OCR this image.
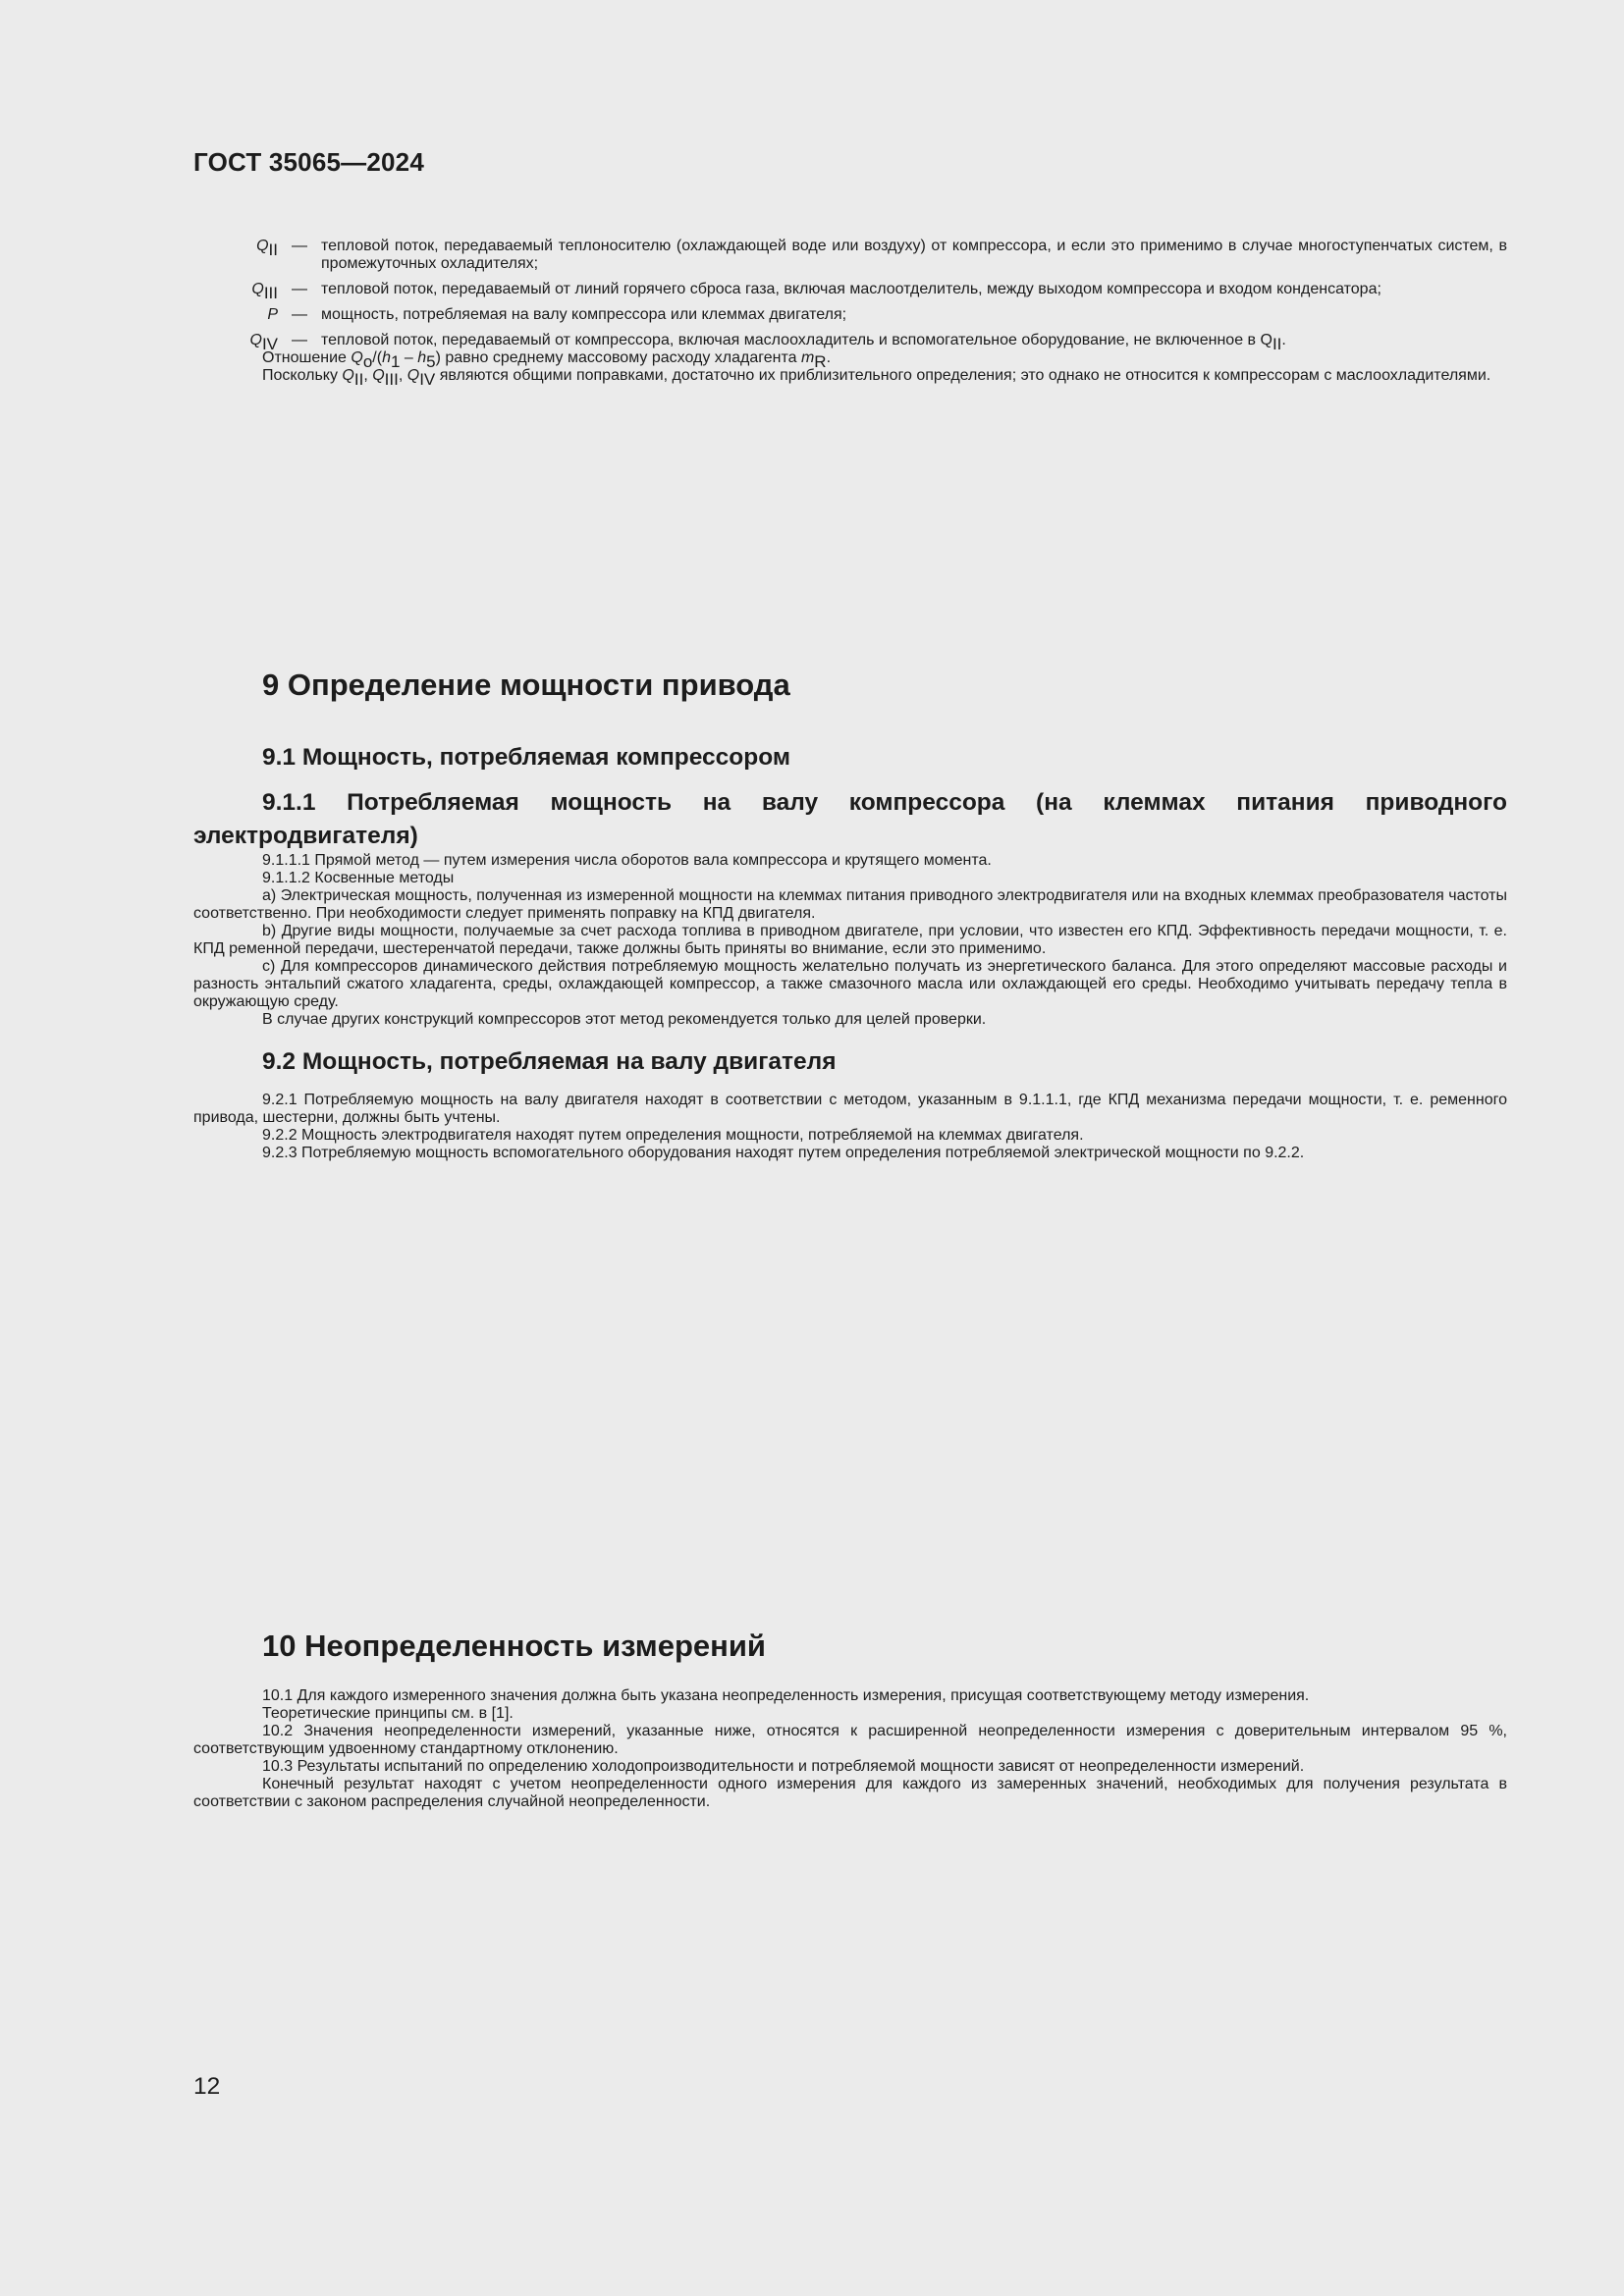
ГОСТ 35065—2024
$Q_{II}$ — тепловой поток, передаваемый теплоносителю (охлаждающей воде или воздуху) от компрессора, и если это применимо в случае многоступенчатых систем, в промежуточных охладителях;
$Q_{III}$ — тепловой поток, передаваемый от линий горячего сброса газа, включая маслоотделитель, между выходом компрессора и входом конденсатора;
P — мощность, потребляемая на валу компрессора или клеммах двигателя;
$Q_{IV}$ — тепловой поток, передаваемый от компрессора, включая маслоохладитель и вспомогательное оборудование, не включенное в $Q_{II}$.

Отношение $Q_o/(h_1 - h_5)$ равно среднему массовому расходу хладагента $m_R$.

Поскольку $Q_{II}$, $Q_{III}$, $Q_{IV}$ являются общими поправками, достаточно их приблизительного определения; это однако не относится к компрессорам с маслоохладителями.

9 Определение мощности привода
9.1 Мощность, потребляемая компрессором
9.1.1 Потребляемая мощность на валу компрессора (на клеммах питания приводного электродвигателя)

9.1.1.1 Прямой метод — путем измерения числа оборотов вала компрессора и крутящего момента.

9.1.1.2 Косвенные методы

a) Электрическая мощность, полученная из измеренной мощности на клеммах питания приводного электродвигателя или на входных клеммах преобразователя частоты соответственно. При необходимости следует применять поправку на КПД двигателя.

b) Другие виды мощности, получаемые за счет расхода топлива в приводном двигателе, при условии, что известен его КПД. Эффективность передачи мощности, т. е. КПД ременной передачи, шестеренчатой передачи, также должны быть приняты во внимание, если это применимо.

c) Для компрессоров динамического действия потребляемую мощность желательно получать из энергетического баланса. Для этого определяют массовые расходы и разность энтальпий сжатого хладагента, среды, охлаждающей компрессор, а также смазочного масла или охлаждающей его среды. Необходимо учитывать передачу тепла в окружающую среду.

В случае других конструкций компрессоров этот метод рекомендуется только для целей проверки.

9.2 Мощность, потребляемая на валу двигателя

9.2.1 Потребляемую мощность на валу двигателя находят в соответствии с методом, указанным в 9.1.1.1, где КПД механизма передачи мощности, т. е. ременного привода, шестерни, должны быть учтены.

9.2.2 Мощность электродвигателя находят путем определения мощности, потребляемой на клеммах двигателя.

9.2.3 Потребляемую мощность вспомогательного оборудования находят путем определения потребляемой электрической мощности по 9.2.2.

10 Неопределенность измерений

10.1 Для каждого измеренного значения должна быть указана неопределенность измерения, присущая соответствующему методу измерения.

Теоретические принципы см. в [1].

10.2 Значения неопределенности измерений, указанные ниже, относятся к расширенной неопределенности измерения с доверительным интервалом 95 %, соответствующим удвоенному стандартному отклонению.

10.3 Результаты испытаний по определению холодопроизводительности и потребляемой мощности зависят от неопределенности измерений.

Конечный результат находят с учетом неопределенности одного измерения для каждого из замеренных значений, необходимых для получения результата в соответствии с законом распределения случайной неопределенности.

12
